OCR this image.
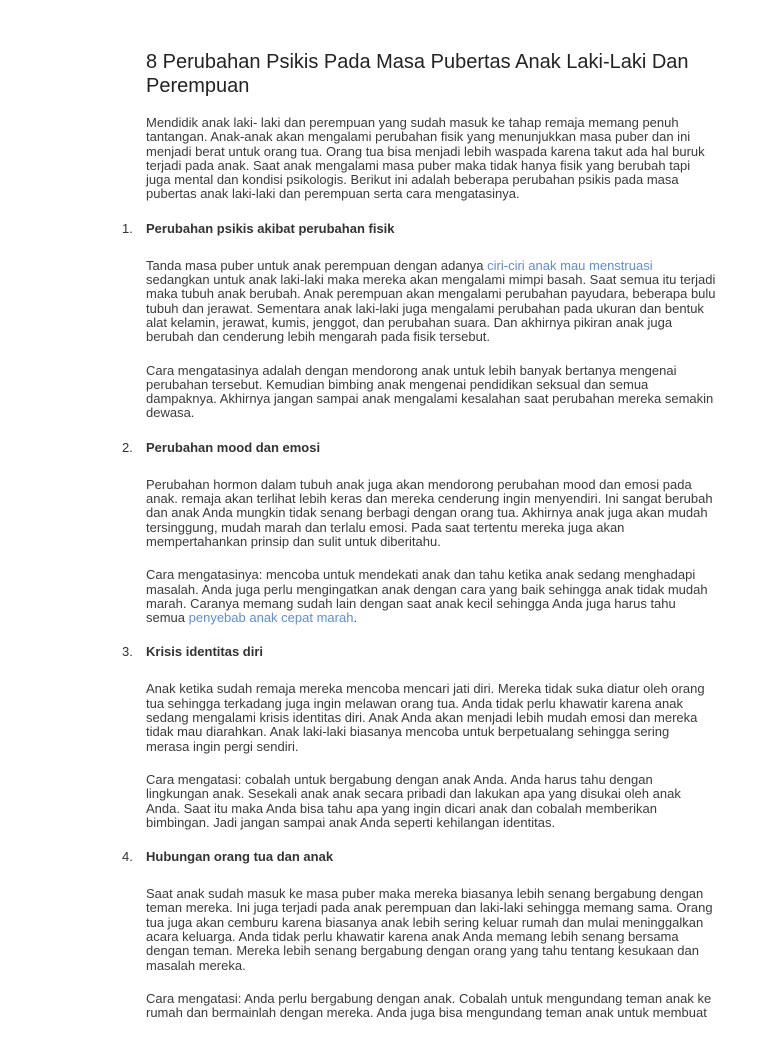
8 Perubahan Psikis Pada Masa Pubertas Anak Laki-Laki Dan Perempuan

Mendidik anak laki- laki dan perempuan yang sudah masuk ke tahap remaja memang penuh tantangan. Anak-anak akan mengalami perubahan fisik yang menunjukkan masa puber dan ini menjadi berat untuk orang tua. Orang tua bisa menjadi lebih waspada karena takut ada hal buruk terjadi pada anak. Saat anak mengalami masa puber maka tidak hanya fisik yang berubah tapi juga mental dan kondisi psikologis. Berikut ini adalah beberapa perubahan psikis pada masa pubertas anak laki-laki dan perempuan serta cara mengatasinya.

1. Perubahan psikis akibat perubahan fisik

Tanda masa puber untuk anak perempuan dengan adanya ciri-ciri anak mau menstruasi sedangkan untuk anak laki-laki maka mereka akan mengalami mimpi basah. Saat semua itu terjadi maka tubuh anak berubah. Anak perempuan akan mengalami perubahan payudara, beberapa bulu tubuh dan jerawat. Sementara anak laki-laki juga mengalami perubahan pada ukuran dan bentuk alat kelamin, jerawat, kumis, jenggot, dan perubahan suara. Dan akhirnya pikiran anak juga berubah dan cenderung lebih mengarah pada fisik tersebut.

Cara mengatasinya adalah dengan mendorong anak untuk lebih banyak bertanya mengenai perubahan tersebut. Kemudian bimbing anak mengenai pendidikan seksual dan semua dampaknya. Akhirnya jangan sampai anak mengalami kesalahan saat perubahan mereka semakin dewasa.

2. Perubahan mood dan emosi

Perubahan hormon dalam tubuh anak juga akan mendorong perubahan mood dan emosi pada anak. remaja akan terlihat lebih keras dan mereka cenderung ingin menyendiri. Ini sangat berubah dan anak Anda mungkin tidak senang berbagi dengan orang tua. Akhirnya anak juga akan mudah tersinggung, mudah marah dan terlalu emosi. Pada saat tertentu mereka juga akan mempertahankan prinsip dan sulit untuk diberitahu.

Cara mengatasinya: mencoba untuk mendekati anak dan tahu ketika anak sedang menghadapi masalah. Anda juga perlu mengingatkan anak dengan cara yang baik sehingga anak tidak mudah marah. Caranya memang sudah lain dengan saat anak kecil sehingga Anda juga harus tahu semua penyebab anak cepat marah.

3. Krisis identitas diri

Anak ketika sudah remaja mereka mencoba mencari jati diri. Mereka tidak suka diatur oleh orang tua sehingga terkadang juga ingin melawan orang tua. Anda tidak perlu khawatir karena anak sedang mengalami krisis identitas diri. Anak Anda akan menjadi lebih mudah emosi dan mereka tidak mau diarahkan. Anak laki-laki biasanya mencoba untuk berpetualang sehingga sering merasa ingin pergi sendiri.

Cara mengatasi: cobalah untuk bergabung dengan anak Anda. Anda harus tahu dengan lingkungan anak. Sesekali anak anak secara pribadi dan lakukan apa yang disukai oleh anak Anda. Saat itu maka Anda bisa tahu apa yang ingin dicari anak dan cobalah memberikan bimbingan. Jadi jangan sampai anak Anda seperti kehilangan identitas.

4. Hubungan orang tua dan anak

Saat anak sudah masuk ke masa puber maka mereka biasanya lebih senang bergabung dengan teman mereka. Ini juga terjadi pada anak perempuan dan laki-laki sehingga memang sama. Orang tua juga akan cemburu karena biasanya anak lebih sering keluar rumah dan mulai meninggalkan acara keluarga. Anda tidak perlu khawatir karena anak Anda memang lebih senang bersama dengan teman. Mereka lebih senang bergabung dengan orang yang tahu tentang kesukaan dan masalah mereka.

Cara mengatasi: Anda perlu bergabung dengan anak. Cobalah untuk mengundang teman anak ke rumah dan bermainlah dengan mereka. Anda juga bisa mengundang teman anak untuk membuat
